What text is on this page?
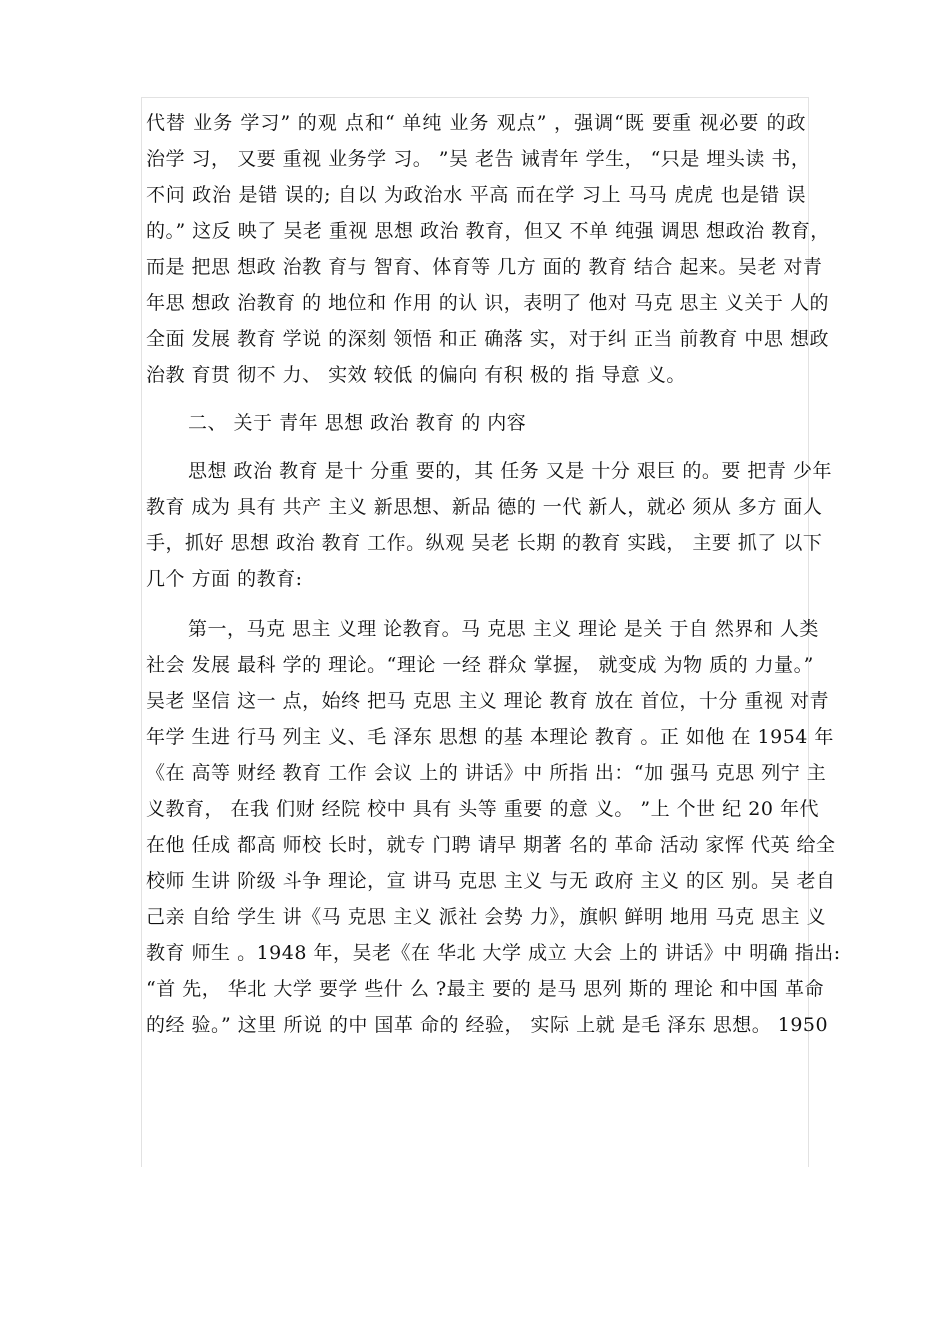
代替 业务 学习” 的观 点和“ 单纯 业务 观点” ，强调“既 要重 视必要 的政
治学 习， 又要 重视 业务学 习。 ”吴 老告 诫青年 学生， “只是 埋头读 书，
不问 政治 是错 误的; 自以 为政治水 平高 而在学 习上 马马 虎虎 也是错 误
的。” 这反 映了 吴老 重视 思想 政治 教育，但又 不单 纯强 调思 想政治 教育，
而是 把思 想政 治教 育与 智育、体育等 几方 面的 教育 结合 起来。吴老 对青
年思 想政 治教育 的 地位和 作用 的认 识，表明了 他对 马克 思主 义关于 人的
全面 发展 教育 学说 的深刻 领悟 和正 确落 实，对于纠 正当 前教育 中思 想政
治教 育贯 彻不 力、 实效 较低 的偏向 有积 极的 指 导意 义。
二、 关于 青年 思想 政治 教育 的 内容
思想 政治 教育 是十 分重 要的，其 任务 又是 十分 艰巨 的。要 把青 少年
教育 成为 具有 共产 主义 新思想、新品 德的 一代 新人，就必 须从 多方 面人
手，抓好 思想 政治 教育 工作。纵观 吴老 长期 的教育 实践， 主要 抓了 以下
几个 方面 的教育:
第一，马克 思主 义理 论教育。马 克思 主义 理论 是关 于自 然界和 人类
社会 发展 最科 学的 理论。“理论 一经 群众 掌握， 就变成 为物 质的 力量。”
吴老 坚信 这一 点，始终 把马 克思 主义 理论 教育 放在 首位，十分 重视 对青
年学 生进 行马 列主 义、毛 泽东 思想 的基 本理论 教育 。正 如他 在 1954 年
《在 高等 财经 教育 工作 会议 上的 讲话》中 所指 出：“加 强马 克思 列宁 主
义教育， 在我 们财 经院 校中 具有 头等 重要 的意 义。 ”上 个世 纪 20 年代
在他 任成 都高 师校 长时，就专 门聘 请早 期著 名的 革命 活动 家恽 代英 给全
校师 生讲 阶级 斗争 理论，宣 讲马 克思 主义 与无 政府 主义 的区 别。吴 老自
己亲 自给 学生 讲《马 克思 主义 派社 会势 力》，旗帜 鲜明 地用 马克 思主 义
教育 师生 。1948 年，吴老《在 华北 大学 成立 大会 上的 讲话》中 明确 指出:
“首 先， 华北 大学 要学 些什 么 ?最主 要的 是马 思列 斯的 理论 和中国 革命
的经 验。” 这里 所说 的中 国革 命的 经验， 实际 上就 是毛 泽东 思想。 1950
